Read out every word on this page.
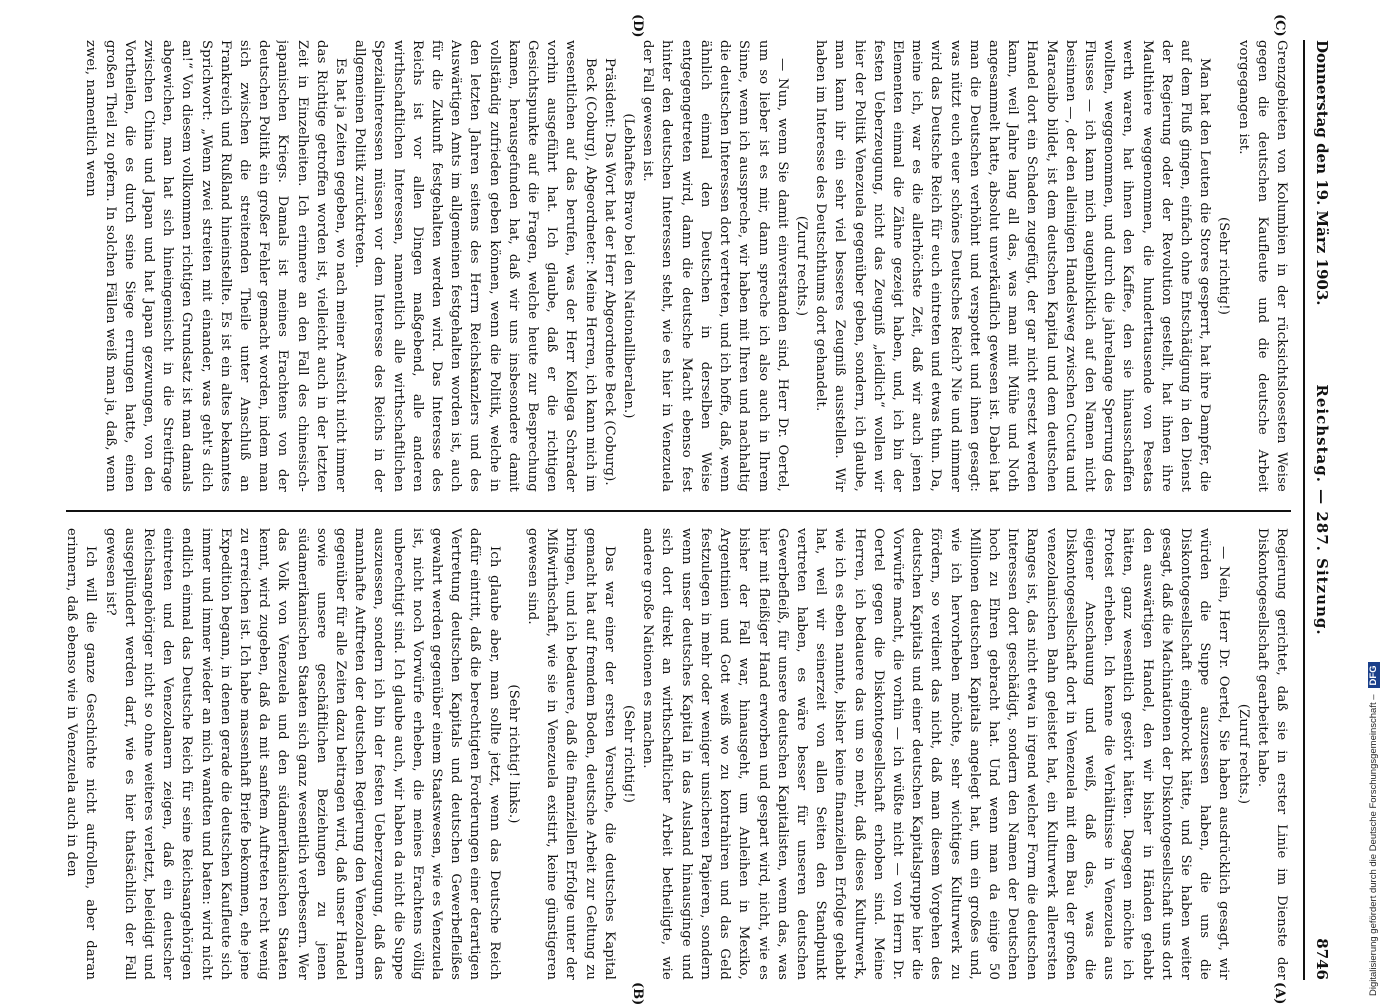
Donnerstag den 19. März 1903.
Reichstag. — 287. Sitzung.
8746
(A)
(B)
(C)
(D)

Regierung gerichtet, daß sie in erster Linie im Dienste der Diskontogesellschaft gearbeitet habe.

(Zuruf rechts.)

— Nein, Herr Dr. Oertel, Sie haben ausdrücklich gesagt, wir würden die Suppe auszuessen haben, die uns die Diskontogesellschaft eingebrockt hätte, und Sie haben weiter gesagt, daß die Machinationen der Diskontogesellschaft uns dort den auswärtigen Handel, den wir bisher in Händen gehabt hätten, ganz wesentlich gestört hätten. Dagegen möchte ich Protest erheben. Ich kenne die Verhältnisse in Venezuela aus eigener Anschauung und weiß, daß das, was die Diskontogesellschaft dort in Venezuela mit dem Bau der großen venezolanischen Bahn geleistet hat, ein Kulturwerk allerersten Ranges ist, das nicht etwa in irgend welcher Form die deutschen Interessen dort geschädigt, sondern den Namen der Deutschen hoch zu Ehren gebracht hat. Und wenn man da einige 50 Millionen deutschen Kapitals angelegt hat, um ein großes und, wie ich hervorheben möchte, sehr wichtiges Kulturwerk zu fördern, so verdient das nicht, daß man diesem Vorgehen des deutschen Kapitals und einer deutschen Kapitalsgruppe hier die Vorwürfe macht, die vorhin — ich wüßte nicht — von Herrn Dr. Oertel gegen die Diskontogesellschaft erhoben sind. Meine Herren, ich bedauere das um so mehr, daß dieses Kulturwerk, wie ich es eben nannte, bisher keine finanziellen Erfolge gehabt hat, weil wir seinerzeit von allen Seiten den Standpunkt vertreten haben, es wäre besser für unseren deutschen Gewerbefleiß, für unsere deutschen Kapitalisten, wenn das, was hier mit fleißiger Hand erworben und gespart wird, nicht, wie es bisher der Fall war, hinausgeht, um Anleihen in Mexiko, Argentinien und Gott weiß wo zu kontrahiren und das Geld festzulegen in mehr oder weniger unsicheren Papieren, sondern wenn unser deutsches Kapital in das Ausland hinausginge und sich dort direkt an wirthschaftlicher Arbeit betheiligte, wie andere große Nationen es machen.

(Sehr richtig!)

Das war einer der ersten Versuche, die deutsches Kapital gemacht hat auf fremdem Boden, deutsche Arbeit zur Geltung zu bringen, und ich bedauere, daß die finanziellen Erfolge unter der Mißwirthschaft, wie sie in Venezuela existirt, keine günstigeren gewesen sind.

(Sehr richtig! links.)

Ich glaube aber, man sollte jetzt, wenn das Deutsche Reich dafür eintritt, daß die berechtigten Forderungen einer derartigen Vertretung deutschen Kapitals und deutschen Gewerbefleißes gewahrt werden gegenüber einem Staatswesen, wie es Venezuela ist, nicht noch Vorwürfe erheben, die meines Erachtens völlig unberechtigt sind. Ich glaube auch, wir haben da nicht die Suppe auszuessen, sondern ich bin der festen Ueberzeugung, daß das mannhafte Auftreten der deutschen Regierung den Venezolanern gegenüber für alle Zeiten dazu beitragen wird, daß unser Handel sowie unsere geschäftlichen Beziehungen zu jenen südamerikanischen Staaten sich ganz wesentlich verbessern. Wer das Volk von Venezuela und den südamerikanischen Staaten kennt, wird zugeben, daß da mit sanftem Auftreten recht wenig zu erreichen ist. Ich habe massenhaft Briefe bekommen, ehe jene Expedition begann, in denen gerade die deutschen Kaufleute sich immer und immer wieder an mich wandten und baten: wird nicht endlich einmal das Deutsche Reich für seine Reichsangehörigen eintreten und den Venezolanern zeigen, daß ein deutscher Reichsangehöriger nicht so ohne weiteres verletzt, beleidigt und ausgeplündert werden darf, wie es hier thatsächlich der Fall gewesen ist?

Ich will die ganze Geschichte nicht aufrollen, aber daran erinnern, daß ebenso wie in Venezuela auch in den

Grenzgebieten von Kolumbien in der rücksichtslosesten Weise gegen die deutschen Kaufleute und die deutsche Arbeit vorgegangen ist.

(Sehr richtig!)

Man hat den Leuten die Stores gesperrt, hat ihre Dampfer, die auf dem Fluß gingen, einfach ohne Entschädigung in den Dienst der Regierung oder der Revolution gestellt, hat ihnen ihre Maulthiere weggenommen, die hunderttausende von Pesetas werth waren, hat ihnen den Kaffee, den sie hinausschaffen wollten, weggenommen, und durch die jahrelange Sperrung des Flusses — ich kann mich augenblicklich auf den Namen nicht besinnen —, der den alleinigen Handelsweg zwischen Cucuta und Maracaibo bildet, ist dem deutschen Kapital und dem deutschen Handel dort ein Schaden zugefügt, der gar nicht ersetzt werden kann, weil Jahre lang all das, was man mit Mühe und Noth angesammelt hatte, absolut unverkäuflich gewesen ist. Dabei hat man die Deutschen verhöhnt und verspottet und ihnen gesagt: was nützt euch euer schönes Deutsches Reich? Nie und nimmer wird das Deutsche Reich für euch eintreten und etwas thun. Da, meine ich, war es die allerhöchste Zeit, daß wir auch jenen Elementen einmal die Zähne gezeigt haben, und, ich bin der festen Ueberzeugung, nicht das Zeugniß „leidlich“ wollen wir hier der Politik Venezuela gegenüber geben, sondern, ich glaube, man kann ihr ein sehr viel besseres Zeugniß ausstellen. Wir haben im Interesse des Deutschthums dort gehandelt.

(Zuruf rechts.)

— Nun, wenn Sie damit einverstanden sind, Herr Dr. Oertel, um so lieber ist es mir, dann spreche ich also auch in Ihrem Sinne, wenn ich ausspreche, wir haben mit Ihren und nachhaltig die deutschen Interessen dort vertreten, und ich hoffe, daß, wenn ähnlich einmal den Deutschen in derselben Weise entgegengetreten wird, dann die deutsche Macht ebenso fest hinter den deutschen Interessen steht, wie es hier in Venezuela der Fall gewesen ist.

(Lebhaftes Bravo bei den Nationalliberalen.)

Präsident: Das Wort hat der Herr Abgeordnete Beck (Coburg).

Beck (Coburg), Abgeordneter: Meine Herren, ich kann mich im wesentlichen auf das berufen, was der Herr Kollega Schrader vorhin ausgeführt hat. Ich glaube, daß er die richtigen Gesichtspunkte auf die Fragen, welche heute zur Besprechung kamen, herausgefunden hat, daß wir uns insbesondere damit vollständig zufrieden geben können, wenn die Politik, welche in den letzten Jahren seitens des Herrn Reichskanzlers und des Auswärtigen Amts im allgemeinen festgehalten worden ist, auch für die Zukunft festgehalten werden wird. Das Interesse des Reichs ist vor allen Dingen maßgebend, alle anderen wirthschaftlichen Interessen, namentlich alle wirthschaftlichen Spezialinteressen müssen vor dem Interesse des Reichs in der allgemeinen Politik zurücktreten.

Es hat ja Zeiten gegeben, wo nach meiner Ansicht nicht immer das Richtige getroffen worden ist, vielleicht auch in der letzten Zeit in Einzelheiten. Ich erinnere an den Fall des chinesisch-japanischen Kriegs. Damals ist meines Erachtens von der deutschen Politik ein großer Fehler gemacht worden, indem man sich zwischen die streitenden Theile unter Anschluß an Frankreich und Rußland hineinstellte. Es ist ein altes bekanntes Sprichwort: „Wenn zwei streiten mit einander, was geht's dich an!“ Von diesem vollkommen richtigen Grundsatz ist man damals abgewichen, man hat sich hineingemischt in die Streitfrage zwischen China und Japan und hat Japan gezwungen, von den Vortheilen, die es durch seine Siege errungen hatte, einen großen Theil zu opfern. In solchen Fällen weiß man ja, daß, wenn zwei, namentlich wenn

Digitalisierung gefördert durch die Deutsche Forschungsgemeinschaft –DFG
